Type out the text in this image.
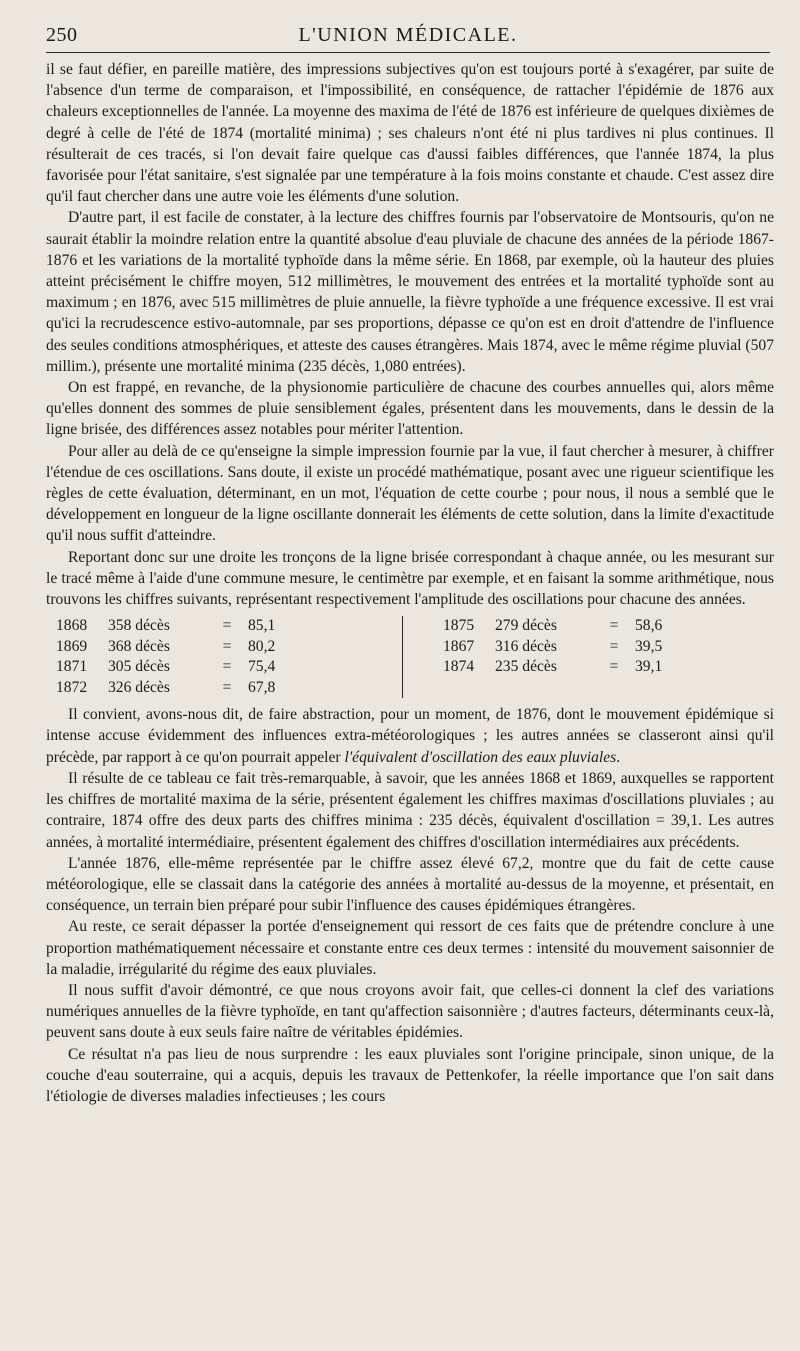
250	L'UNION MÉDICALE.

il se faut défier, en pareille matière, des impressions subjectives qu'on est toujours porté à s'exagérer, par suite de l'absence d'un terme de comparaison, et l'impossibilité, en conséquence, de rattacher l'épidémie de 1876 aux chaleurs exceptionnelles de l'année. La moyenne des maxima de l'été de 1876 est inférieure de quelques dixièmes de degré à celle de l'été de 1874 (mortalité minima) ; ses chaleurs n'ont été ni plus tardives ni plus continues. Il résulterait de ces tracés, si l'on devait faire quelque cas d'aussi faibles différences, que l'année 1874, la plus favorisée pour l'état sanitaire, s'est signalée par une température à la fois moins constante et chaude. C'est assez dire qu'il faut chercher dans une autre voie les éléments d'une solution.

D'autre part, il est facile de constater, à la lecture des chiffres fournis par l'observatoire de Montsouris, qu'on ne saurait établir la moindre relation entre la quantité absolue d'eau pluviale de chacune des années de la période 1867-1876 et les variations de la mortalité typhoïde dans la même série. En 1868, par exemple, où la hauteur des pluies atteint précisément le chiffre moyen, 512 millimètres, le mouvement des entrées et la mortalité typhoïde sont au maximum ; en 1876, avec 515 millimètres de pluie annuelle, la fièvre typhoïde a une fréquence excessive. Il est vrai qu'ici la recrudescence estivo-automnale, par ses proportions, dépasse ce qu'on est en droit d'attendre de l'influence des seules conditions atmosphériques, et atteste des causes étrangères. Mais 1874, avec le même régime pluvial (507 millim.), présente une mortalité minima (235 décès, 1,080 entrées).

On est frappé, en revanche, de la physionomie particulière de chacune des courbes annuelles qui, alors même qu'elles donnent des sommes de pluie sensiblement égales, présentent dans les mouvements, dans le dessin de la ligne brisée, des différences assez notables pour mériter l'attention.

Pour aller au delà de ce qu'enseigne la simple impression fournie par la vue, il faut chercher à mesurer, à chiffrer l'étendue de ces oscillations. Sans doute, il existe un procédé mathématique, posant avec une rigueur scientifique les règles de cette évaluation, déterminant, en un mot, l'équation de cette courbe ; pour nous, il nous a semblé que le développement en longueur de la ligne oscillante donnerait les éléments de cette solution, dans la limite d'exactitude qu'il nous suffit d'atteindre.

Reportant donc sur une droite les tronçons de la ligne brisée correspondant à chaque année, ou les mesurant sur le tracé même à l'aide d'une commune mesure, le centimètre par exemple, et en faisant la somme arithmétique, nous trouvons les chiffres suivants, représentant respectivement l'amplitude des oscillations pour chacune des années.

1868	358 décès	=	85,1
1869	368 décès	=	80,2
1871	305 décès	=	75,4
1872	326 décès	=	67,8
1875	279 décès	=	58,6
1867	316 décès	=	39,5
1874	235 décès	=	39,1

Il convient, avons-nous dit, de faire abstraction, pour un moment, de 1876, dont le mouvement épidémique si intense accuse évidemment des influences extra-météorologiques ; les autres années se classeront ainsi qu'il précède, par rapport à ce qu'on pourrait appeler l'équivalent d'oscillation des eaux pluviales.

Il résulte de ce tableau ce fait très-remarquable, à savoir, que les années 1868 et 1869, auxquelles se rapportent les chiffres de mortalité maxima de la série, présentent également les chiffres maximas d'oscillations pluviales ; au contraire, 1874 offre des deux parts des chiffres minima : 235 décès, équivalent d'oscillation = 39,1. Les autres années, à mortalité intermédiaire, présentent également des chiffres d'oscillation intermédiaires aux précédents.

L'année 1876, elle-même représentée par le chiffre assez élevé 67,2, montre que du fait de cette cause météorologique, elle se classait dans la catégorie des années à mortalité au-dessus de la moyenne, et présentait, en conséquence, un terrain bien préparé pour subir l'influence des causes épidémiques étrangères.

Au reste, ce serait dépasser la portée d'enseignement qui ressort de ces faits que de prétendre conclure à une proportion mathématiquement nécessaire et constante entre ces deux termes : intensité du mouvement saisonnier de la maladie, irrégularité du régime des eaux pluviales.

Il nous suffit d'avoir démontré, ce que nous croyons avoir fait, que celles-ci donnent la clef des variations numériques annuelles de la fièvre typhoïde, en tant qu'affection saisonnière ; d'autres facteurs, déterminants ceux-là, peuvent sans doute à eux seuls faire naître de véritables épidémies.

Ce résultat n'a pas lieu de nous surprendre : les eaux pluviales sont l'origine principale, sinon unique, de la couche d'eau souterraine, qui a acquis, depuis les travaux de Pettenkofer, la réelle importance que l'on sait dans l'étiologie de diverses maladies infectieuses ; les cours
